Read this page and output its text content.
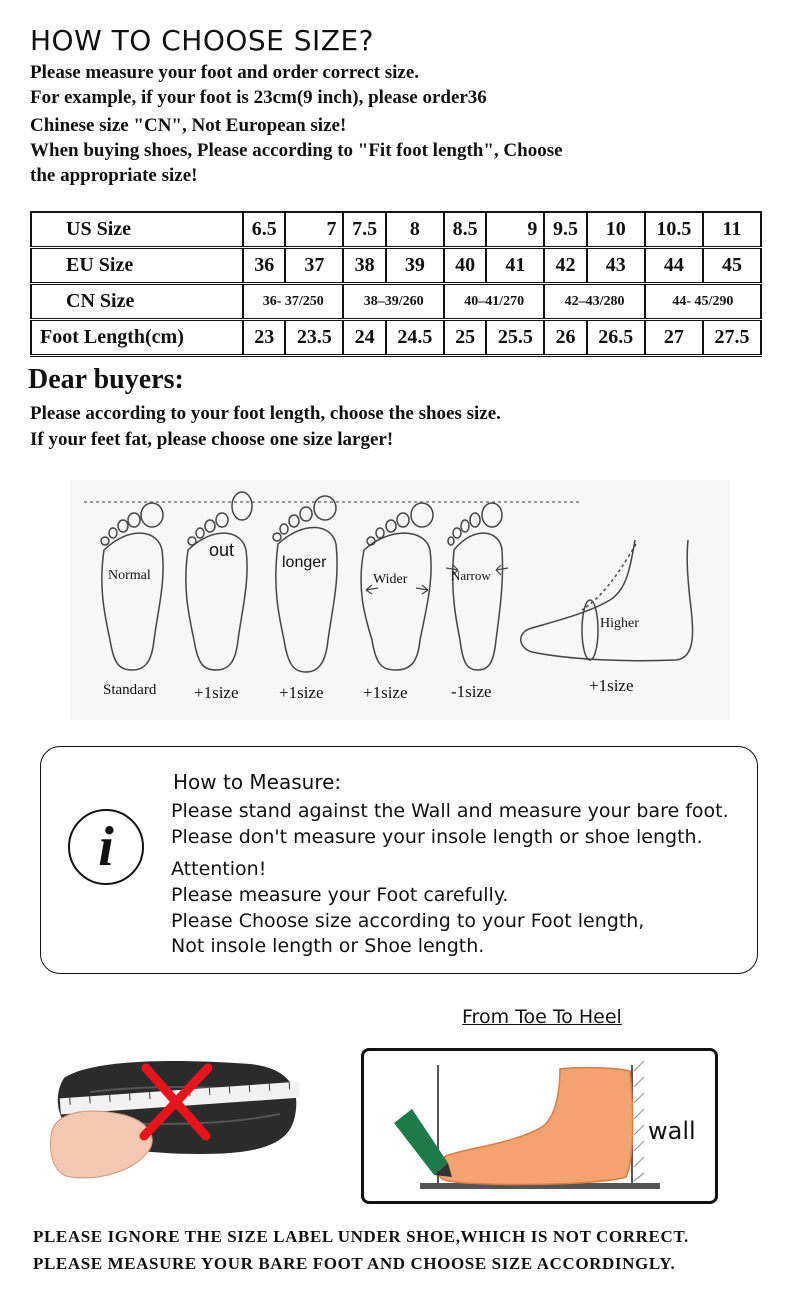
HOW TO CHOOSE SIZE?
Please measure your foot and order correct size.
For example, if your foot is 23cm(9 inch), please order36
Chinese size "CN", Not European size!
When buying shoes, Please according to "Fit foot length", Choose
the appropriate size!
US Size	6.5	7	7.5	8	8.5	9	9.5	10	10.5	11
EU Size	36	37	38	39	40	41	42	43	44	45
CN Size	36- 37/250		38–39/260		40–41/270		42–43/280		44- 45/290	
Foot Length(cm)	23	23.5	24	24.5	25	25.5	26	26.5	27	27.5
Dear buyers:
Please according to your foot length, choose the shoes size.
If your feet fat, please choose one size larger!
Normal
out
longer
Wider	Narrow
Higher
Standard +1size +1size +1size	-1size	+1size
i
How to Measure:
Please stand against the Wall and measure your bare foot.
Please don't measure your insole length or shoe length.
Attention!
Please measure your Foot carefully.
Please Choose size according to your Foot length,
Not insole length or Shoe length.
From Toe To Heel
wall
PLEASE IGNORE THE SIZE LABEL UNDER SHOE,WHICH IS NOT CORRECT.
PLEASE MEASURE YOUR BARE FOOT AND CHOOSE SIZE ACCORDINGLY.
